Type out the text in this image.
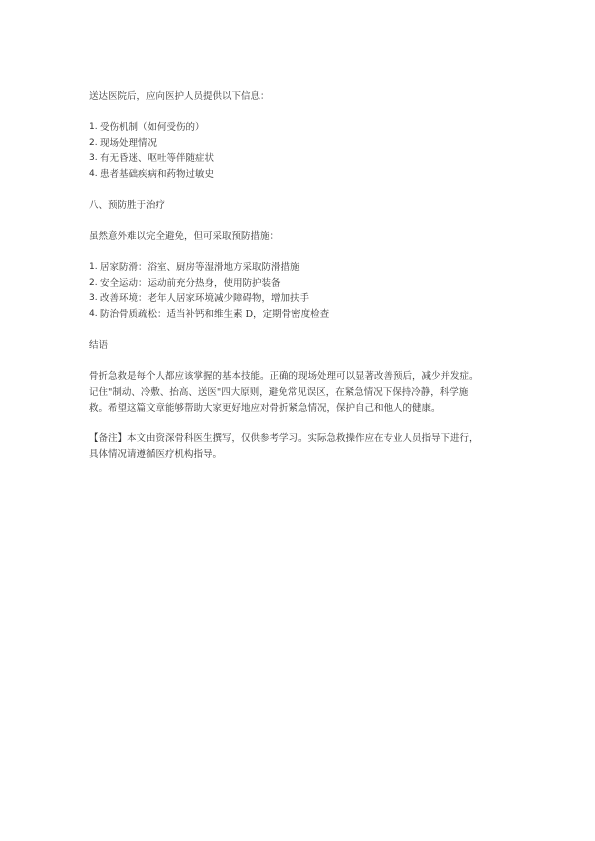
送达医院后，应向医护人员提供以下信息：
1. 受伤机制（如何受伤的）
2. 现场处理情况
3. 有无昏迷、呕吐等伴随症状
4. 患者基础疾病和药物过敏史
八、预防胜于治疗
虽然意外难以完全避免，但可采取预防措施：
1. 居家防滑：浴室、厨房等湿滑地方采取防滑措施
2. 安全运动：运动前充分热身，使用防护装备
3. 改善环境：老年人居家环境减少障碍物，增加扶手
4. 防治骨质疏松：适当补钙和维生素 D，定期骨密度检查
结语
骨折急救是每个人都应该掌握的基本技能。正确的现场处理可以显著改善预后，减少并发症。
记住"制动、冷敷、抬高、送医"四大原则，避免常见误区，在紧急情况下保持冷静，科学施
救。希望这篇文章能够帮助大家更好地应对骨折紧急情况，保护自己和他人的健康。
【备注】本文由资深骨科医生撰写，仅供参考学习。实际急救操作应在专业人员指导下进行，
具体情况请遵循医疗机构指导。
